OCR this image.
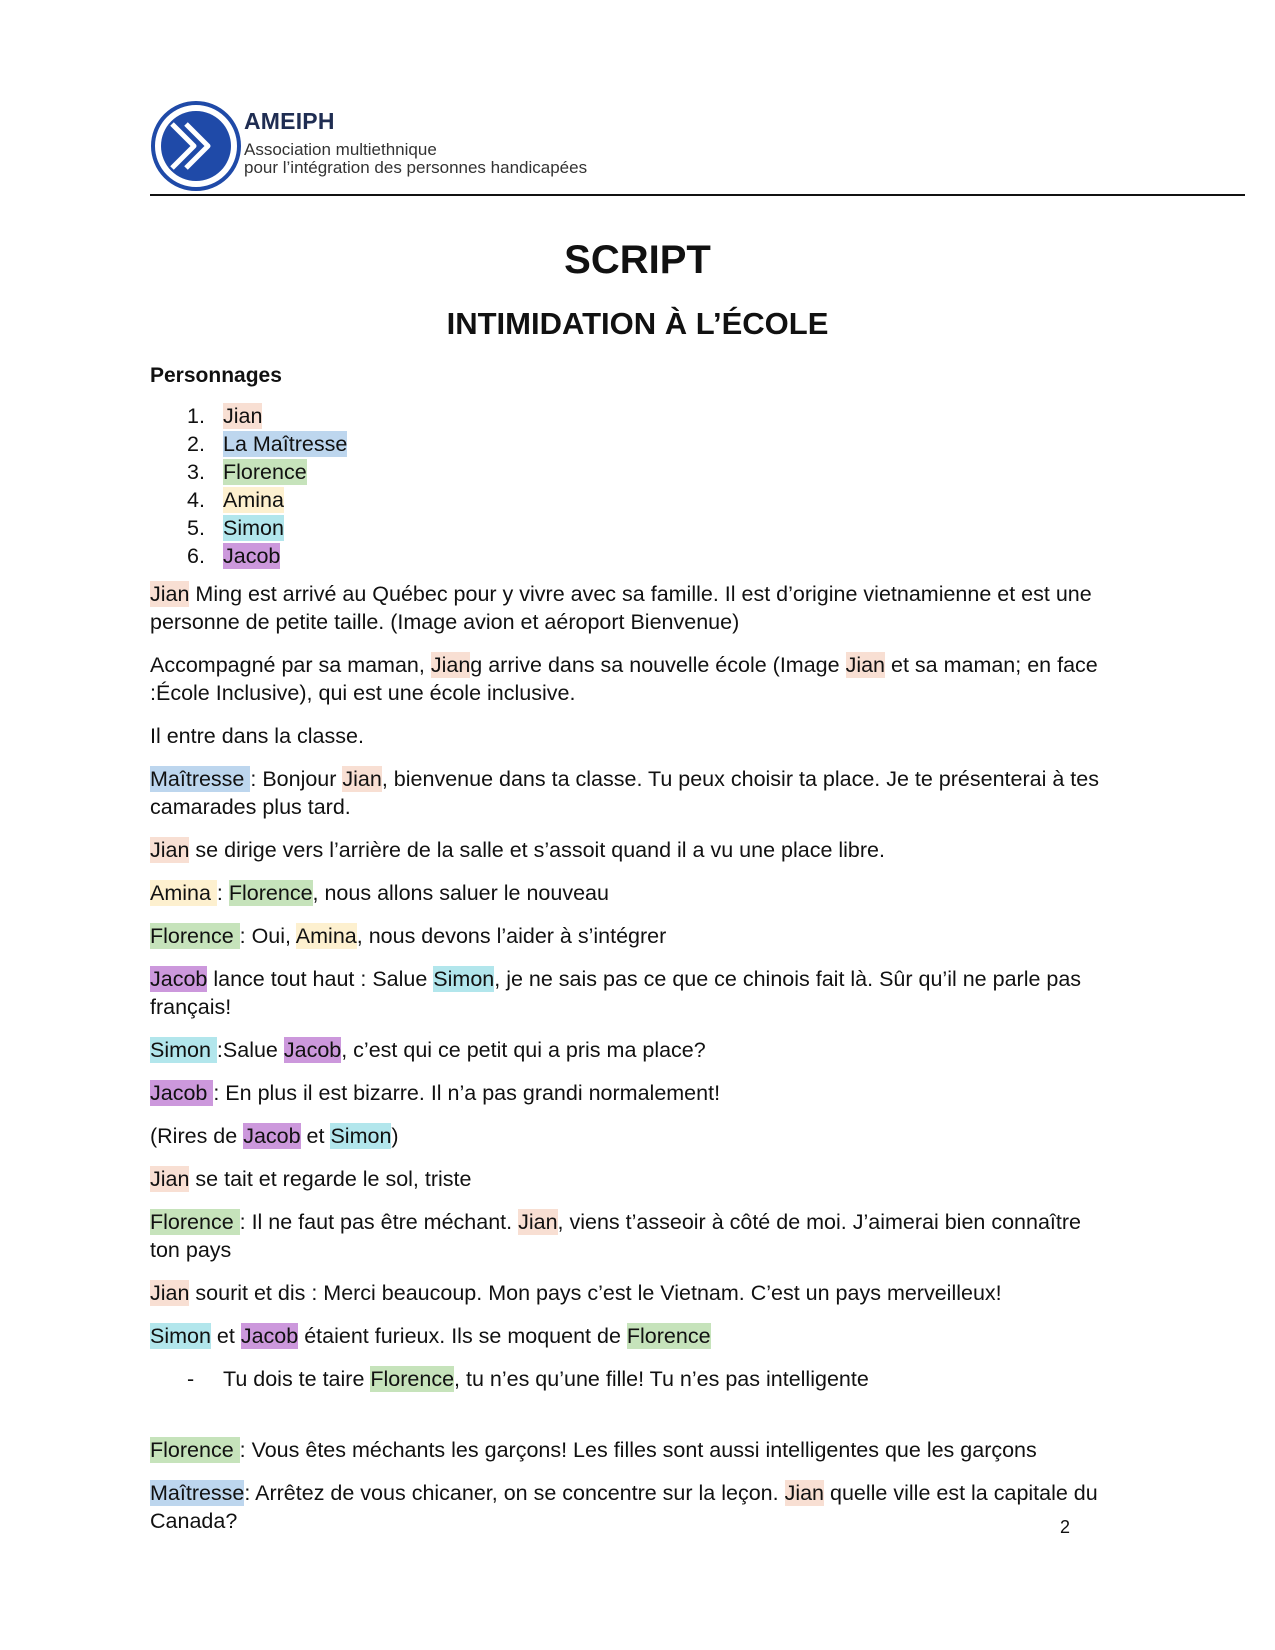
AMEIPH
Association multiethnique
pour l’intégration des personnes handicapées
SCRIPT
INTIMIDATION À L’ÉCOLE
Personnages
1. Jian
2. La Maîtresse
3. Florence
4. Amina
5. Simon
6. Jacob

Jian Ming est arrivé au Québec pour y vivre avec sa famille. Il est d’origine vietnamienne et est une personne de petite taille. (Image avion et aéroport Bienvenue)

Accompagné par sa maman, Jiang arrive dans sa nouvelle école (Image Jian et sa maman; en face :École Inclusive), qui est une école inclusive.

Il entre dans la classe.

Maîtresse : Bonjour Jian, bienvenue dans ta classe. Tu peux choisir ta place. Je te présenterai à tes camarades plus tard.

Jian se dirige vers l’arrière de la salle et s’assoit quand il a vu une place libre.

Amina : Florence, nous allons saluer le nouveau

Florence : Oui, Amina, nous devons l’aider à s’intégrer

Jacob lance tout haut : Salue Simon, je ne sais pas ce que ce chinois fait là. Sûr qu’il ne parle pas français!

Simon :Salue Jacob, c’est qui ce petit qui a pris ma place?

Jacob : En plus il est bizarre. Il n’a pas grandi normalement!

(Rires de Jacob et Simon)

Jian se tait et regarde le sol, triste

Florence : Il ne faut pas être méchant. Jian, viens t’asseoir à côté de moi. J’aimerai bien connaître ton pays

Jian sourit et dis : Merci beaucoup. Mon pays c’est le Vietnam. C’est un pays merveilleux!

Simon et Jacob étaient furieux. Ils se moquent de Florence

- Tu dois te taire Florence, tu n’es qu’une fille! Tu n’es pas intelligente

Florence : Vous êtes méchants les garçons! Les filles sont aussi intelligentes que les garçons

Maîtresse: Arrêtez de vous chicaner, on se concentre sur la leçon. Jian quelle ville est la capitale du Canada?	2
